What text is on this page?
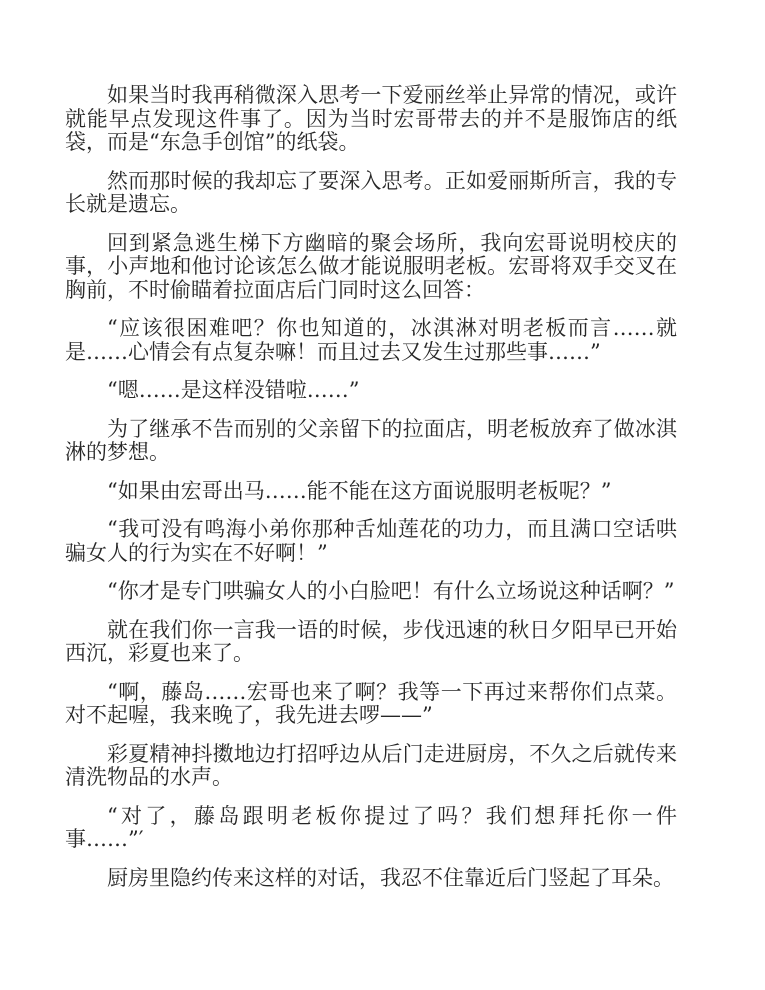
如果当时我再稍微深入思考一下爱丽丝举止异常的情况，或许就能早点发现这件事了。因为当时宏哥带去的并不是服饰店的纸袋，而是“东急手创馆”的纸袋。

然而那时候的我却忘了要深入思考。正如爱丽斯所言，我的专长就是遗忘。

回到紧急逃生梯下方幽暗的聚会场所，我向宏哥说明校庆的事，小声地和他讨论该怎么做才能说服明老板。宏哥将双手交叉在胸前，不时偷瞄着拉面店后门同时这么回答：

“应该很困难吧？你也知道的，冰淇淋对明老板而言……就是……心情会有点复杂嘛！而且过去又发生过那些事……”

“嗯……是这样没错啦……”

为了继承不告而别的父亲留下的拉面店，明老板放弃了做冰淇淋的梦想。

“如果由宏哥出马……能不能在这方面说服明老板呢？”

“我可没有鸣海小弟你那种舌灿莲花的功力，而且满口空话哄骗女人的行为实在不好啊！”

“你才是专门哄骗女人的小白脸吧！有什么立场说这种话啊？”

就在我们你一言我一语的时候，步伐迅速的秋日夕阳早已开始西沉，彩夏也来了。

“啊，藤岛……宏哥也来了啊？我等一下再过来帮你们点菜。对不起喔，我来晚了，我先进去啰——”

彩夏精神抖擞地边打招呼边从后门走进厨房，不久之后就传来清洗物品的水声。

“对了，藤岛跟明老板你提过了吗？我们想拜托你一件事……”′

厨房里隐约传来这样的对话，我忍不住靠近后门竖起了耳朵。
